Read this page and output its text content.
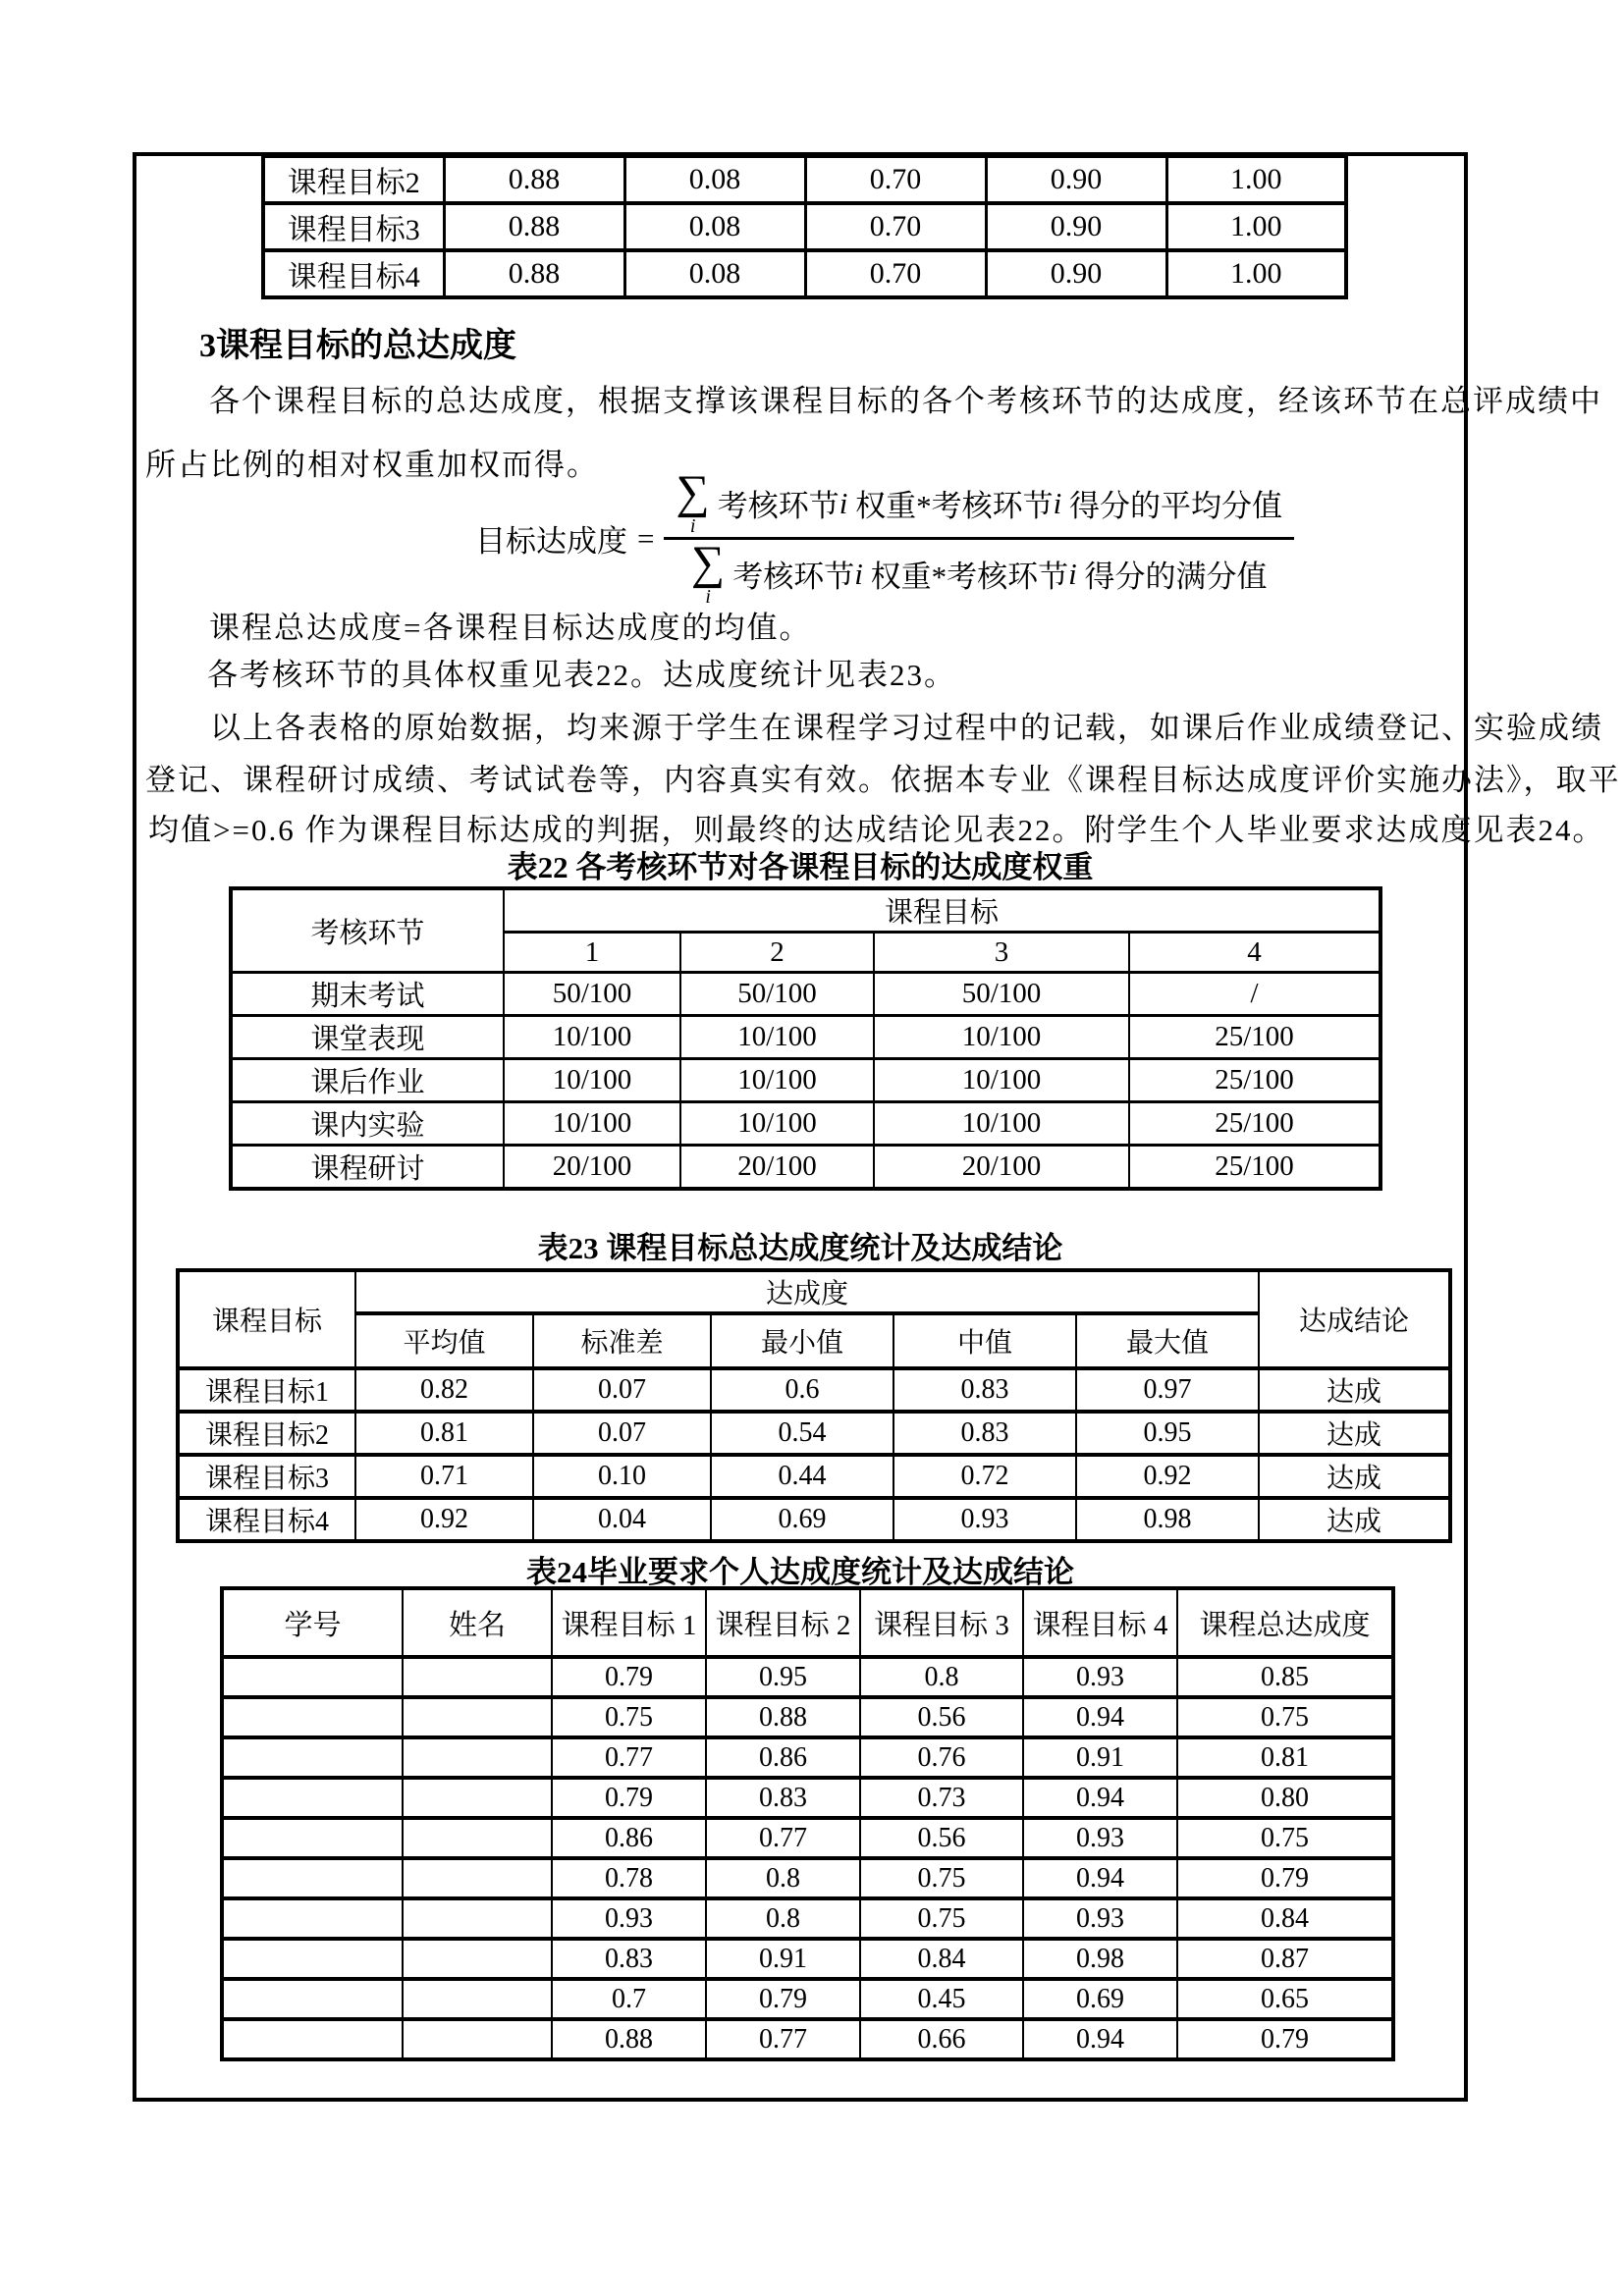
课程目标2	0.88	0.08	0.70	0.90	1.00
课程目标3	0.88	0.08	0.70	0.90	1.00
课程目标4	0.88	0.08	0.70	0.90	1.00
3课程目标的总达成度
各个课程目标的总达成度，根据支撑该课程目标的各个考核环节的达成度，经该环节在总评成绩中
所占比例的相对权重加权而得。
目标达成度 = ∑
i
考核环节 i
权重*考核环节 i
得分的平均分值
∑
i
考核环节 i
权重*考核环节 i
得分的满分值
课程总达成度=各课程目标达成度的均值。
各考核环节的具体权重见表22。达成度统计见表23。
以上各表格的原始数据，均来源于学生在课程学习过程中的记载，如课后作业成绩登记、实验成绩
登记、课程研讨成绩、考试试卷等，内容真实有效。依据本专业《课程目标达成度评价实施办法》，取平
均值>=0.6 作为课程目标达成的判据，则最终的达成结论见表22。附学生个人毕业要求达成度见表24。
表22 各考核环节对各课程目标的达成度权重
考核环节	课程目标			
	1	2	3	4
期末考试	50/100	50/100	50/100	/
课堂表现	10/100	10/100	10/100	25/100
课后作业	10/100	10/100	10/100	25/100
课内实验	10/100	10/100	10/100	25/100
课程研讨	20/100	20/100	20/100	25/100
表23 课程目标总达成度统计及达成结论
课程目标	达成度					达成结论
	平均值	标准差	最小值	中值	最大值	
课程目标1	0.82	0.07	0.6	0.83	0.97	达成
课程目标2	0.81	0.07	0.54	0.83	0.95	达成
课程目标3	0.71	0.10	0.44	0.72	0.92	达成
课程目标4	0.92	0.04	0.69	0.93	0.98	达成
表24毕业要求个人达成度统计及达成结论
学号	姓名	课程目标 1	课程目标 2	课程目标 3	课程目标 4	课程总达成度
		0.79	0.95	0.8	0.93	0.85
		0.75	0.88	0.56	0.94	0.75
		0.77	0.86	0.76	0.91	0.81
		0.79	0.83	0.73	0.94	0.80
		0.86	0.77	0.56	0.93	0.75
		0.78	0.8	0.75	0.94	0.79
		0.93	0.8	0.75	0.93	0.84
		0.83	0.91	0.84	0.98	0.87
		0.7	0.79	0.45	0.69	0.65
		0.88	0.77	0.66	0.94	0.79
